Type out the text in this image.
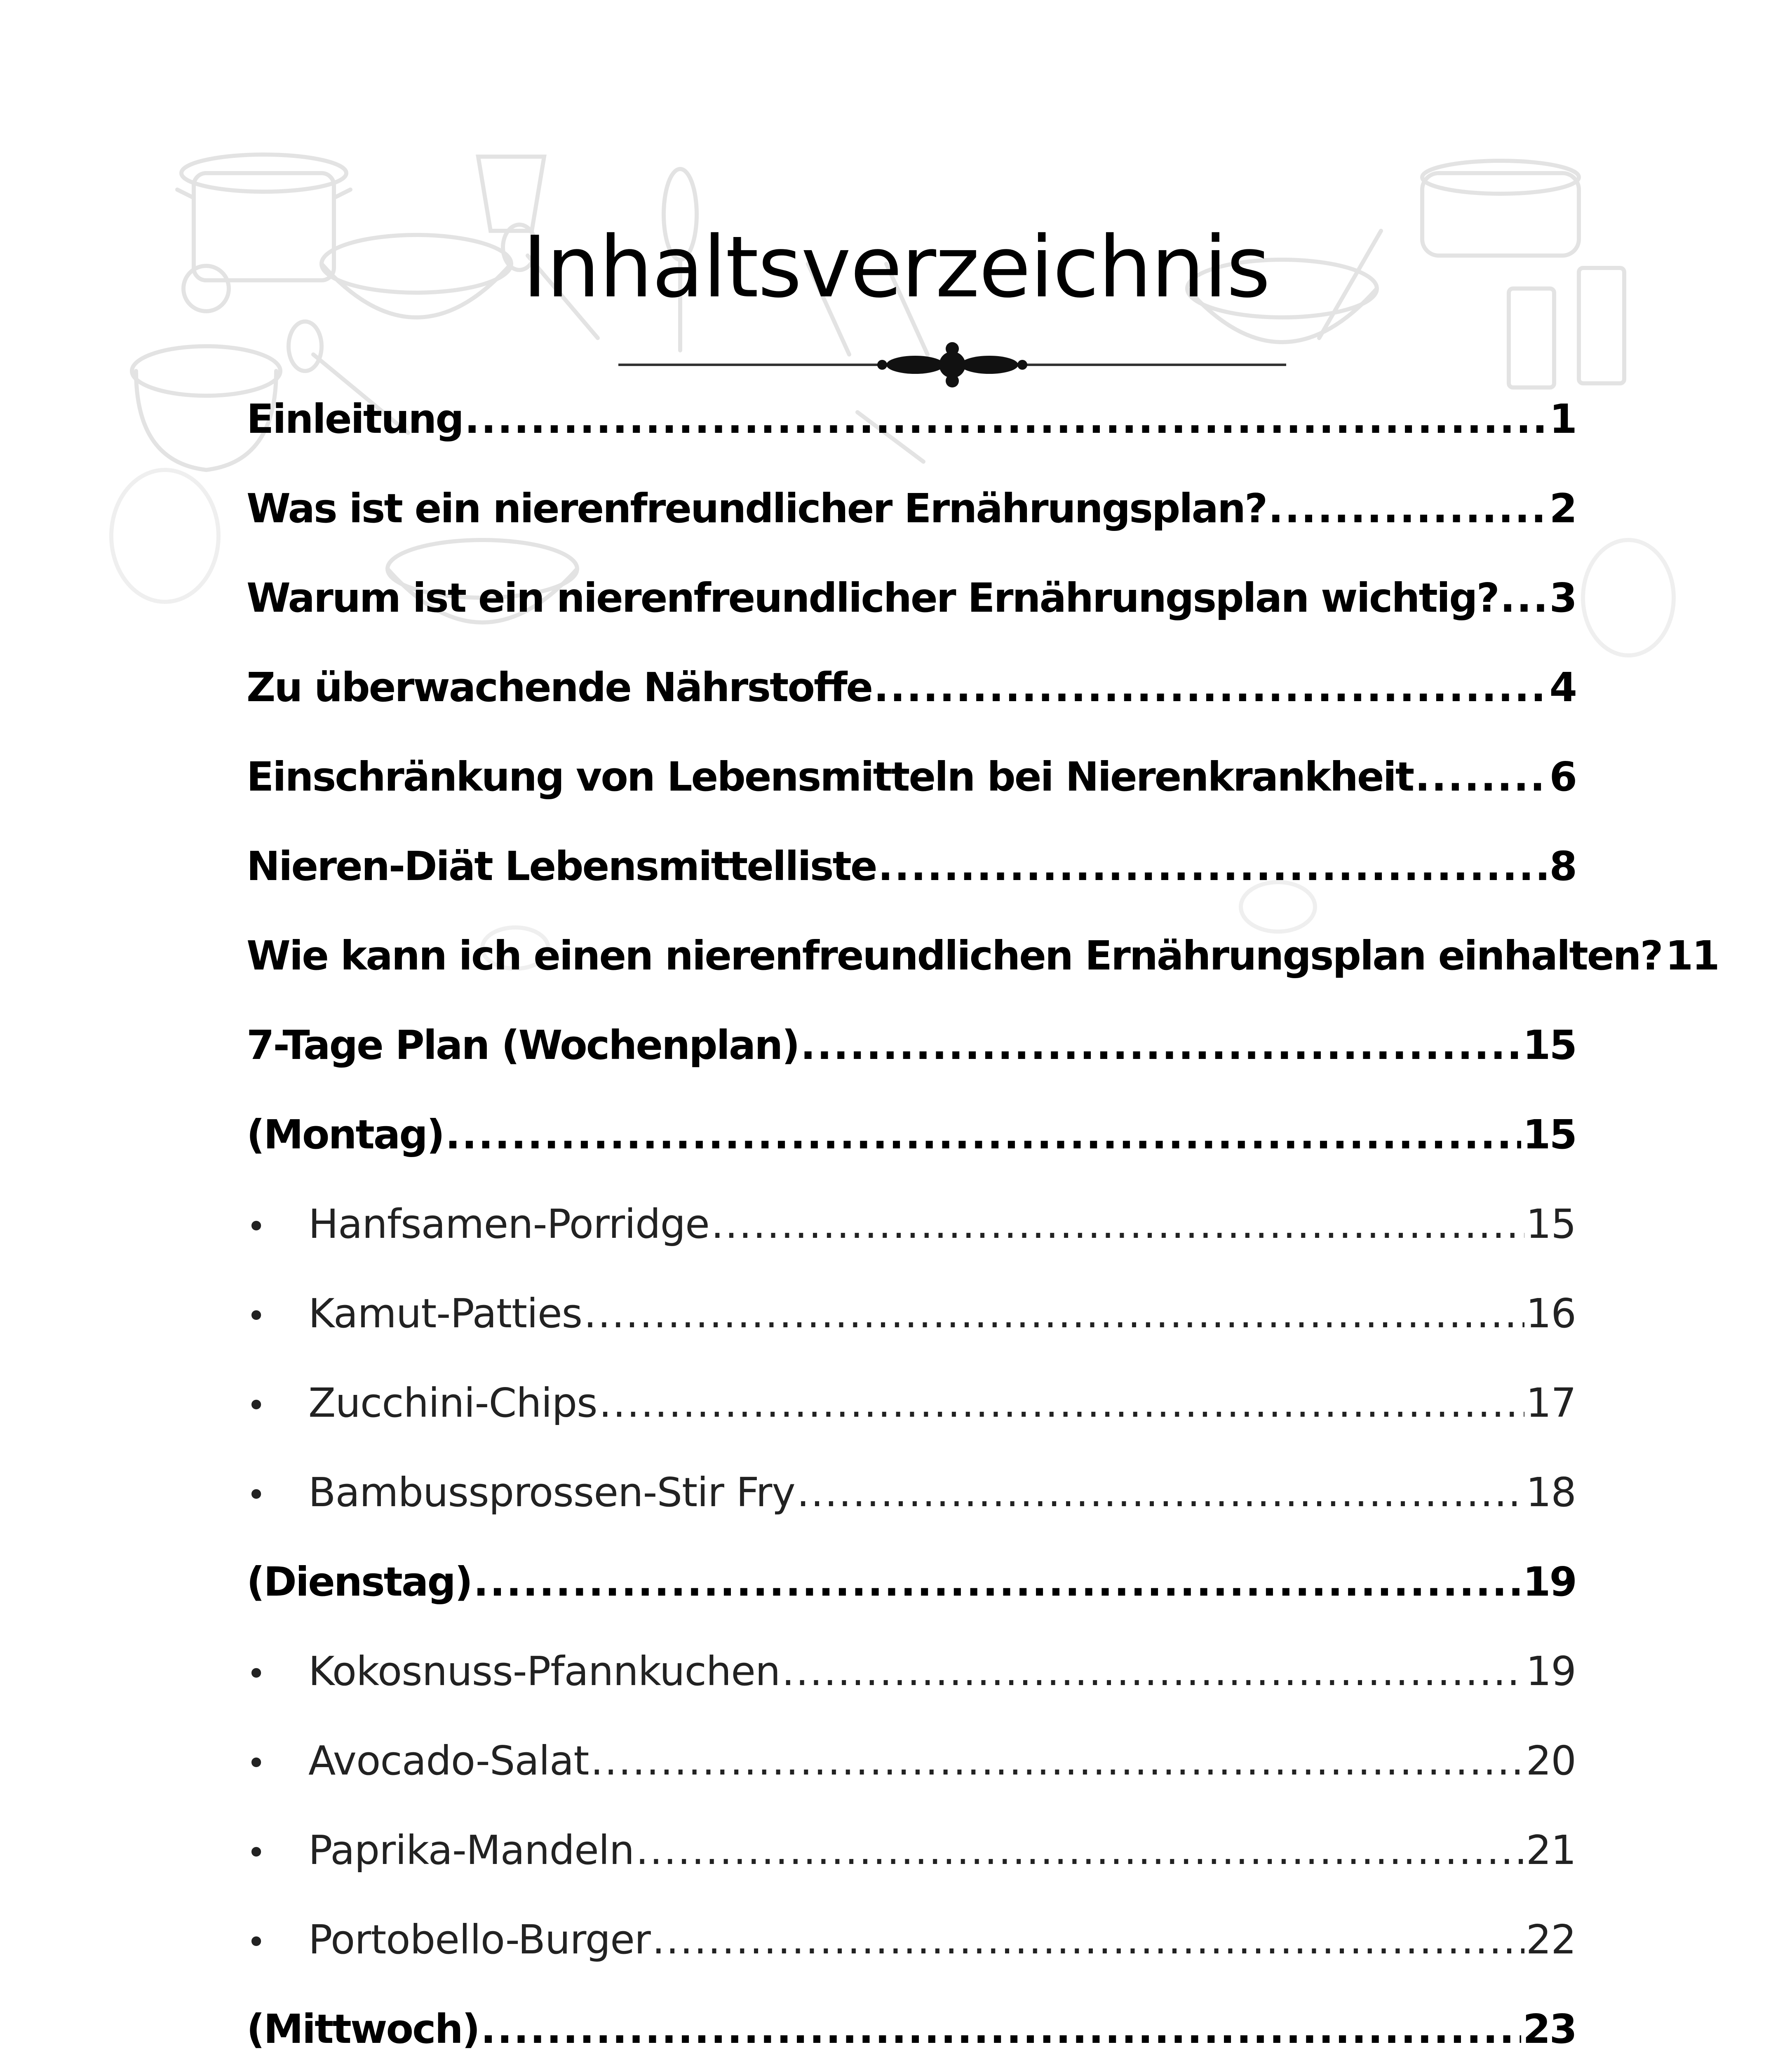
Inhaltsverzeichnis
Einleitung .....	1
Was ist ein nierenfreundlicher Ernährungsplan? .....	2
Warum ist ein nierenfreundlicher Ernährungsplan wichtig? ..... 3
Zu überwachende Nährstoffe .....	4
Einschränkung von Lebensmitteln bei Nierenkrankheit .....	6
Nieren-Diät Lebensmittelliste .....	8
Wie kann ich einen nierenfreundlichen Ernährungsplan einhalten? 11
7-Tage Plan (Wochenplan) .....	15
(Montag) .....	15
•	Hanfsamen-Porridge .....	15
•	Kamut-Patties .....	16
•	Zucchini-Chips .....	17
•	Bambussprossen-Stir Fry .....	18
(Dienstag) .....	19
•	Kokosnuss-Pfannkuchen .....	19
•	Avocado-Salat .....	20
•	Paprika-Mandeln .....	21
•	Portobello-Burger .....	22
(Mittwoch) .....	23
